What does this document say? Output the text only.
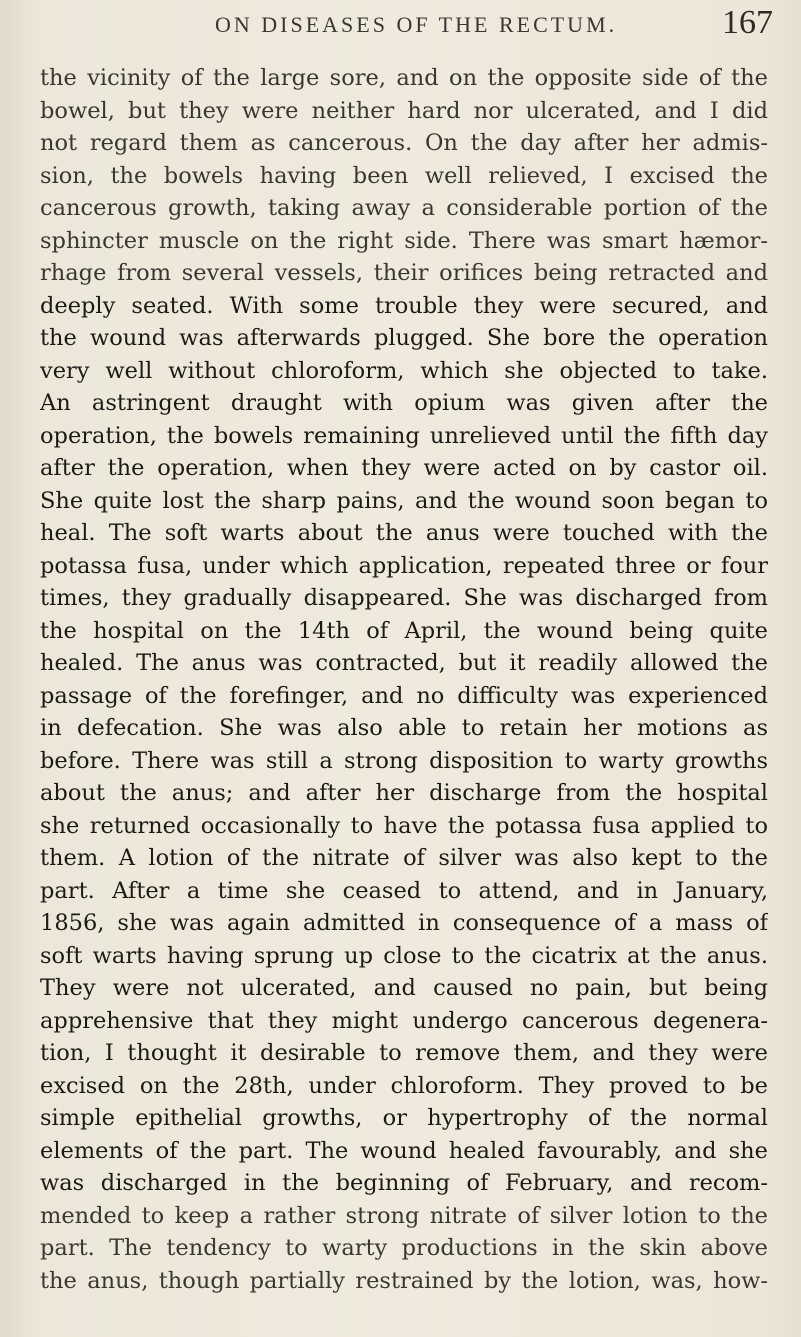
ON DISEASES OF THE RECTUM.	167
the vicinity of the large sore, and on the opposite side of the
bowel, but they were neither hard nor ulcerated, and I did
not regard them as cancerous. On the day after her admis-
sion, the bowels having been well relieved, I excised the
cancerous growth, taking away a considerable portion of the
sphincter muscle on the right side. There was smart hæmor-
rhage from several vessels, their orifices being retracted and
deeply seated. With some trouble they were secured, and
the wound was afterwards plugged. She bore the operation
very well without chloroform, which she objected to take.
An astringent draught with opium was given after the
operation, the bowels remaining unrelieved until the fifth day
after the operation, when they were acted on by castor oil.
She quite lost the sharp pains, and the wound soon began to
heal. The soft warts about the anus were touched with the
potassa fusa, under which application, repeated three or four
times, they gradually disappeared. She was discharged from
the hospital on the 14th of April, the wound being quite
healed. The anus was contracted, but it readily allowed the
passage of the forefinger, and no difficulty was experienced
in defecation. She was also able to retain her motions as
before. There was still a strong disposition to warty growths
about the anus; and after her discharge from the hospital
she returned occasionally to have the potassa fusa applied to
them. A lotion of the nitrate of silver was also kept to the
part. After a time she ceased to attend, and in January,
1856, she was again admitted in consequence of a mass of
soft warts having sprung up close to the cicatrix at the anus.
They were not ulcerated, and caused no pain, but being
apprehensive that they might undergo cancerous degenera-
tion, I thought it desirable to remove them, and they were
excised on the 28th, under chloroform. They proved to be
simple epithelial growths, or hypertrophy of the normal
elements of the part. The wound healed favourably, and she
was discharged in the beginning of February, and recom-
mended to keep a rather strong nitrate of silver lotion to the
part. The tendency to warty productions in the skin above
the anus, though partially restrained by the lotion, was, how-
